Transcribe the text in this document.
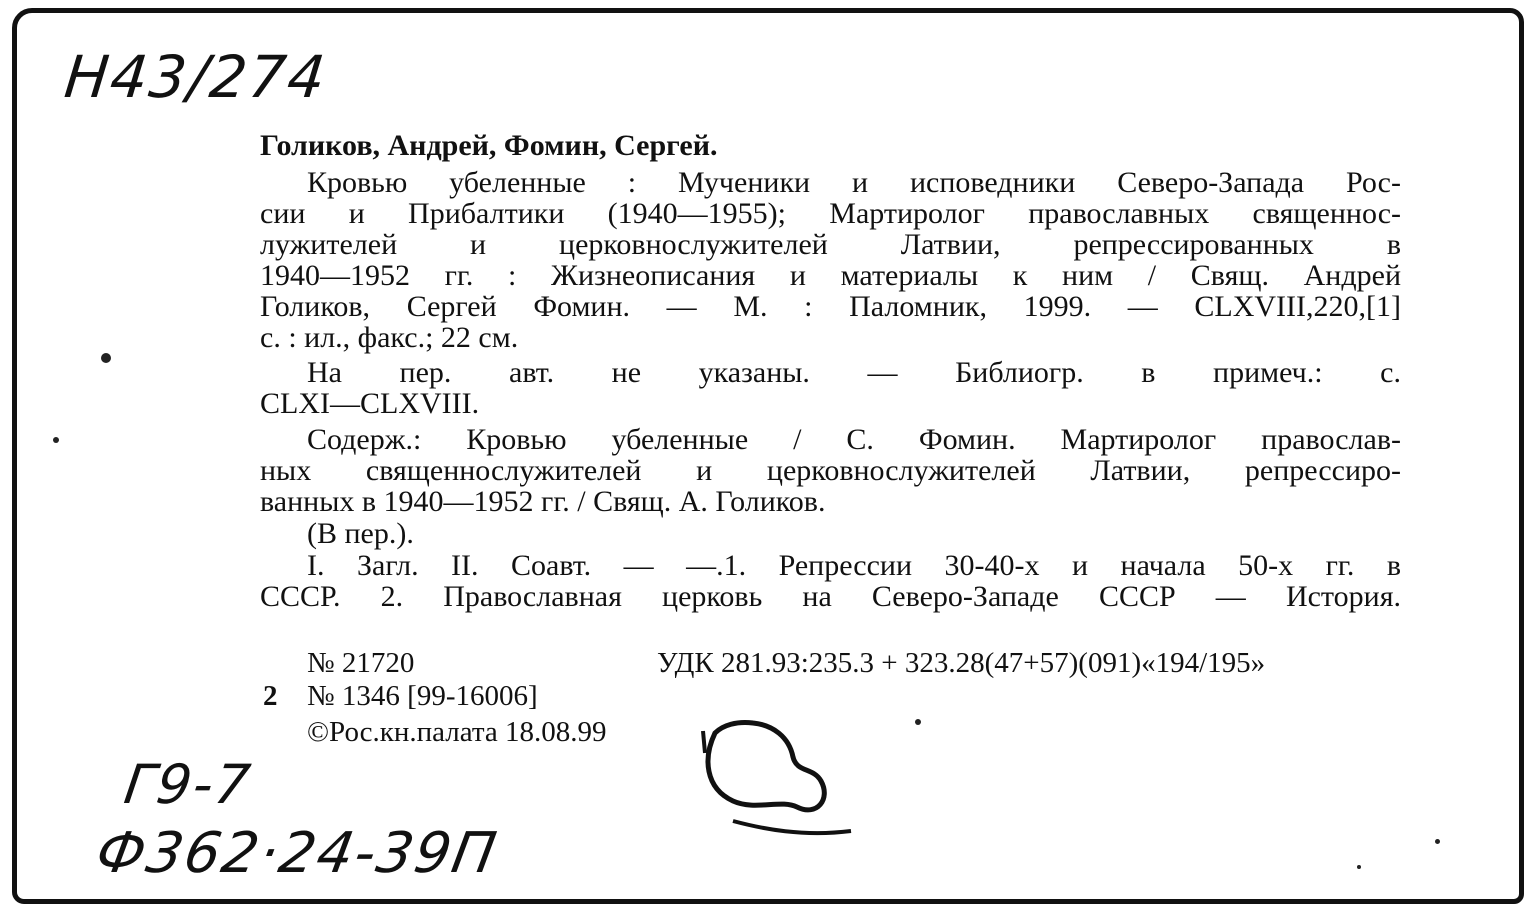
Н43/274
Голиков, Андрей, Фомин, Сергей.
Кровью убеленные : Мученики и исповедники Северо-Запада Рос-
сии и Прибалтики (1940—1955); Мартиролог православных священнос-
лужителей и церковнослужителей Латвии, репрессированных в
1940—1952 гг. : Жизнеописания и материалы к ним / Свящ. Андрей
Голиков, Сергей Фомин. — М. : Паломник, 1999. — CLXVIII,220,[1]
с. : ил., факс.; 22 см.
На пер. авт. не указаны. — Библиогр. в примеч.: с.
CLXI—CLXVIII.
Содерж.: Кровью убеленные / С. Фомин. Мартиролог православ-
ных священнослужителей и церковнослужителей Латвии, репрессиро-
ванных в 1940—1952 гг. / Свящ. А. Голиков.
(В пер.).
I. Загл. II. Соавт. — —.1. Репрессии 30-40-х и начала 50-х гг. в
СССР. 2. Православная церковь на Северо-Западе СССР — История.
№ 21720	УДК 281.93:235.3 + 323.28(47+57)(091)«194/195»
2 № 1346 [99-16006]
©Рос.кн.палата 18.08.99
Г9-7
Ф362·24-39П
